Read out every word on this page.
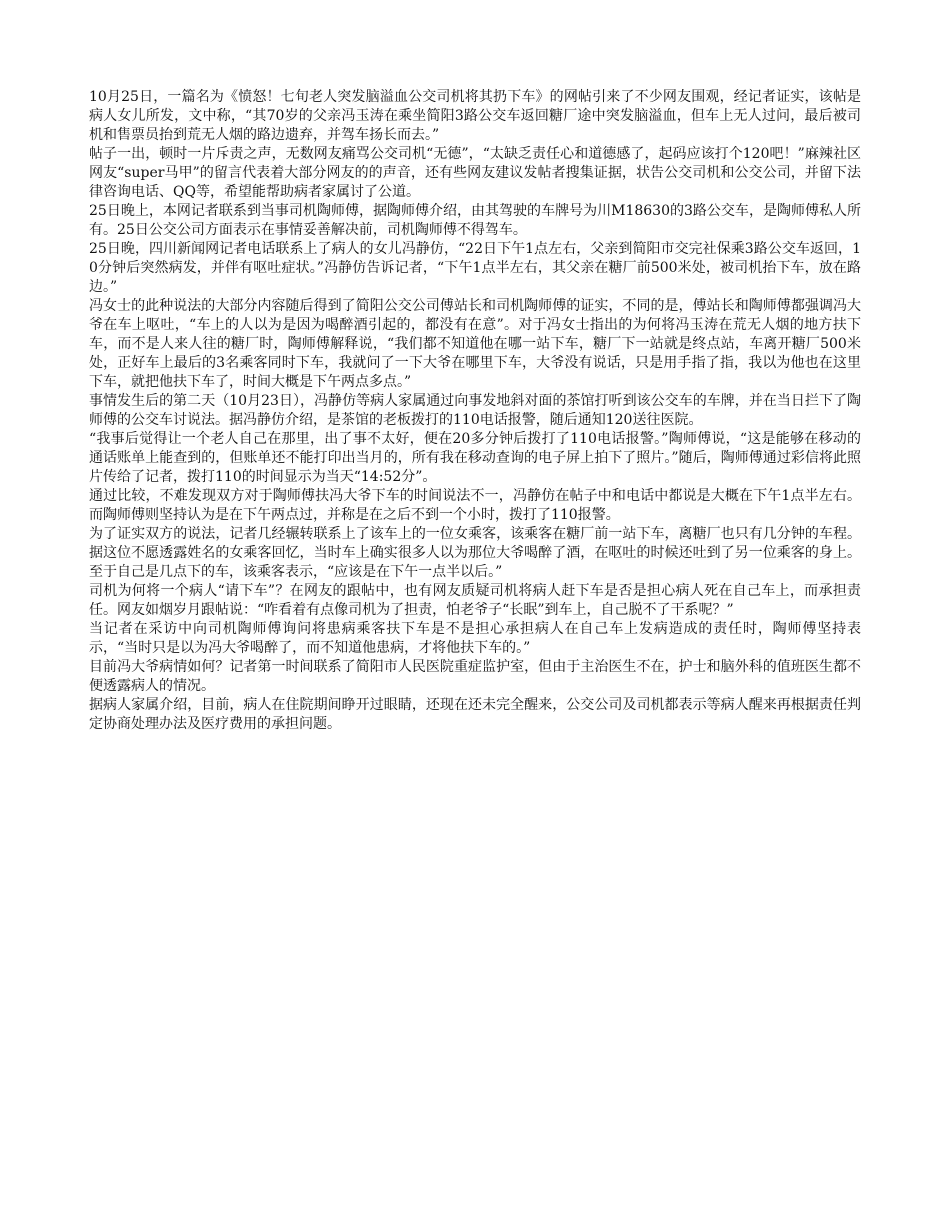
10月25日，一篇名为《愤怒！七旬老人突发脑溢血公交司机将其扔下车》的网帖引来了不少网友围观，经记者证实，该帖是病人女儿所发，文中称，“其70岁的父亲冯玉涛在乘坐简阳3路公交车返回糖厂途中突发脑溢血，但车上无人过问，最后被司机和售票员抬到荒无人烟的路边遗弃，并驾车扬长而去。”

帖子一出，顿时一片斥责之声，无数网友痛骂公交司机“无德”，“太缺乏责任心和道德感了，起码应该打个120吧！”麻辣社区网友“super马甲”的留言代表着大部分网友的的声音，还有些网友建议发帖者搜集证据，状告公交司机和公交公司，并留下法律咨询电话、QQ等，希望能帮助病者家属讨了公道。

25日晚上，本网记者联系到当事司机陶师傅，据陶师傅介绍，由其驾驶的车牌号为川M18630的3路公交车，是陶师傅私人所有。25日公交公司方面表示在事情妥善解决前，司机陶师傅不得驾车。

25日晚，四川新闻网记者电话联系上了病人的女儿冯静仿，“22日下午1点左右，父亲到简阳市交完社保乘3路公交车返回，10分钟后突然病发，并伴有呕吐症状。”冯静仿告诉记者，“下午1点半左右，其父亲在糖厂前500米处，被司机抬下车，放在路边。”

冯女士的此种说法的大部分内容随后得到了简阳公交公司傅站长和司机陶师傅的证实，不同的是，傅站长和陶师傅都强调冯大爷在车上呕吐，“车上的人以为是因为喝醉酒引起的，都没有在意”。对于冯女士指出的为何将冯玉涛在荒无人烟的地方扶下车，而不是人来人往的糖厂时，陶师傅解释说，“我们都不知道他在哪一站下车，糖厂下一站就是终点站，车离开糖厂500米处，正好车上最后的3名乘客同时下车，我就问了一下大爷在哪里下车，大爷没有说话，只是用手指了指，我以为他也在这里下车，就把他扶下车了，时间大概是下午两点多点。”

事情发生后的第二天（10月23日），冯静仿等病人家属通过向事发地斜对面的茶馆打听到该公交车的车牌，并在当日拦下了陶师傅的公交车讨说法。据冯静仿介绍，是茶馆的老板拨打的110电话报警，随后通知120送往医院。

“我事后觉得让一个老人自己在那里，出了事不太好，便在20多分钟后拨打了110电话报警。”陶师傅说，“这是能够在移动的通话账单上能查到的，但账单还不能打印出当月的，所有我在移动查询的电子屏上拍下了照片。”随后，陶师傅通过彩信将此照片传给了记者，拨打110的时间显示为当天“14:52分”。

通过比较，不难发现双方对于陶师傅扶冯大爷下车的时间说法不一，冯静仿在帖子中和电话中都说是大概在下午1点半左右。而陶师傅则坚持认为是在下午两点过，并称是在之后不到一个小时，拨打了110报警。

为了证实双方的说法，记者几经辗转联系上了该车上的一位女乘客，该乘客在糖厂前一站下车，离糖厂也只有几分钟的车程。据这位不愿透露姓名的女乘客回忆，当时车上确实很多人以为那位大爷喝醉了酒，在呕吐的时候还吐到了另一位乘客的身上。至于自己是几点下的车，该乘客表示，“应该是在下午一点半以后。”

司机为何将一个病人“请下车”？在网友的跟帖中，也有网友质疑司机将病人赶下车是否是担心病人死在自己车上，而承担责任。网友如烟岁月跟帖说：“咋看着有点像司机为了担责，怕老爷子“长眠”到车上，自己脱不了干系呢？”

当记者在采访中向司机陶师傅询问将患病乘客扶下车是不是担心承担病人在自己车上发病造成的责任时，陶师傅坚持表示，“当时只是以为冯大爷喝醉了，而不知道他患病，才将他扶下车的。”

目前冯大爷病情如何？记者第一时间联系了简阳市人民医院重症监护室，但由于主治医生不在，护士和脑外科的值班医生都不便透露病人的情况。

据病人家属介绍，目前，病人在住院期间睁开过眼睛，还现在还未完全醒来，公交公司及司机都表示等病人醒来再根据责任判定协商处理办法及医疗费用的承担问题。
